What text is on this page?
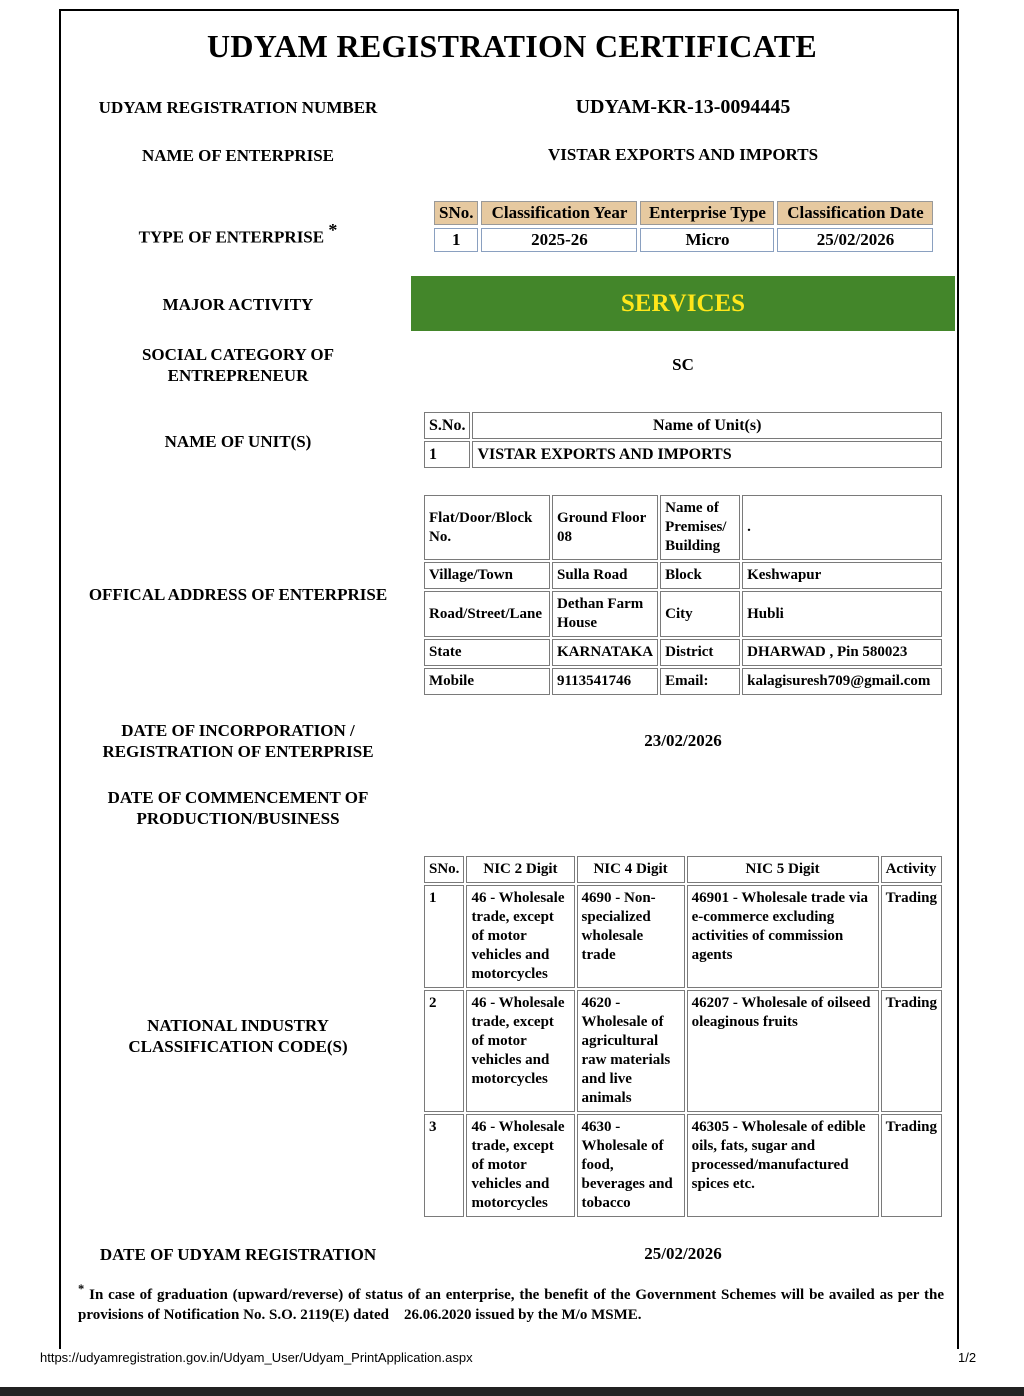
UDYAM REGISTRATION CERTIFICATE
UDYAM REGISTRATION NUMBER	UDYAM-KR-13-0094445
NAME OF ENTERPRISE	VISTAR EXPORTS AND IMPORTS
TYPE OF ENTERPRISE *
SNo.	Classification Year	Enterprise Type	Classification Date
1	2025-26	Micro	25/02/2026
MAJOR ACTIVITY	SERVICES
SOCIAL CATEGORY OF ENTREPRENEUR
SC
NAME OF UNIT(S)
S.No.	Name of Unit(s)
1	VISTAR EXPORTS AND IMPORTS
OFFICAL ADDRESS OF ENTERPRISE
Flat/Door/Block No.	Ground Floor 08	Name of Premises/ Building	.
Village/Town	Sulla Road	Block	Keshwapur
Road/Street/Lane	Dethan Farm House	City	Hubli
State	KARNATAKA	District	DHARWAD , Pin 580023
Mobile	9113541746	Email:	kalagisuresh709@gmail.com
DATE OF INCORPORATION / REGISTRATION OF ENTERPRISE
23/02/2026
DATE OF COMMENCEMENT OF PRODUCTION/BUSINESS
NATIONAL INDUSTRY CLASSIFICATION CODE(S)
SNo.	NIC 2 Digit	NIC 4 Digit	NIC 5 Digit	Activity
1	46 - Wholesale trade, except of motor vehicles and motorcycles	4690 - Non-specialized wholesale trade	46901 - Wholesale trade via e-commerce excluding activities of commission agents	Trading
2	46 - Wholesale trade, except of motor vehicles and motorcycles	4620 - Wholesale of agricultural raw materials and live animals	46207 - Wholesale of oilseed oleaginous fruits	Trading
3	46 - Wholesale trade, except of motor vehicles and motorcycles	4630 - Wholesale of food, beverages and tobacco	46305 - Wholesale of edible oils, fats, sugar and processed/manufactured spices etc.	Trading
DATE OF UDYAM REGISTRATION	25/02/2026
* In case of graduation (upward/reverse) of status of an enterprise, the benefit of the Government Schemes will be availed as per the provisions of Notification No. S.O. 2119(E) dated    26.06.2020 issued by the M/o MSME.
https://udyamregistration.gov.in/Udyam_User/Udyam_PrintApplication.aspx	1/2
